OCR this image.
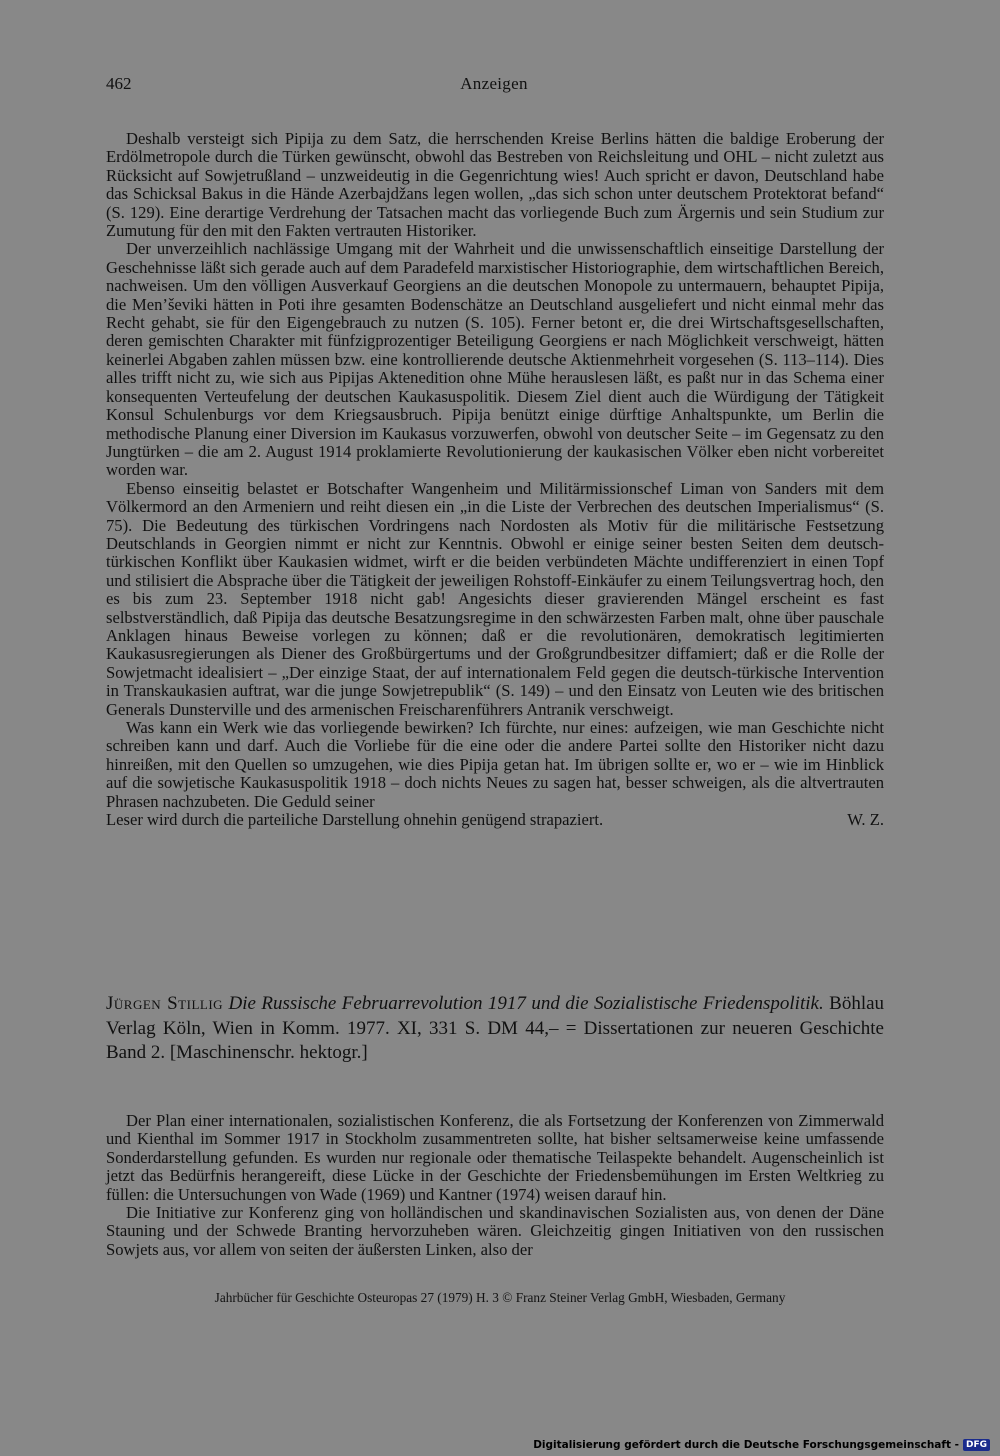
462	Anzeigen

Deshalb versteigt sich Pipija zu dem Satz, die herrschenden Kreise Berlins hätten die baldige Eroberung der Erdölmetropole durch die Türken gewünscht, obwohl das Bestreben von Reichsleitung und OHL – nicht zuletzt aus Rücksicht auf Sowjetrußland – unzweideutig in die Gegenrichtung wies! Auch spricht er davon, Deutschland habe das Schicksal Bakus in die Hände Azerbajdžans legen wollen, „das sich schon unter deutschem Protektorat befand“ (S. 129). Eine derartige Verdrehung der Tatsachen macht das vorliegende Buch zum Ärgernis und sein Studium zur Zumutung für den mit den Fakten vertrauten Historiker.

Der unverzeihlich nachlässige Umgang mit der Wahrheit und die unwissenschaftlich einseitige Darstellung der Geschehnisse läßt sich gerade auch auf dem Paradefeld marxistischer Historiographie, dem wirtschaftlichen Bereich, nachweisen. Um den völligen Ausverkauf Georgiens an die deutschen Monopole zu untermauern, behauptet Pipija, die Men’ševiki hätten in Poti ihre gesamten Bodenschätze an Deutschland ausgeliefert und nicht einmal mehr das Recht gehabt, sie für den Eigengebrauch zu nutzen (S. 105). Ferner betont er, die drei Wirtschaftsgesellschaften, deren gemischten Charakter mit fünfzigprozentiger Beteiligung Georgiens er nach Möglichkeit verschweigt, hätten keinerlei Abgaben zahlen müssen bzw. eine kontrollierende deutsche Aktienmehrheit vorgesehen (S. 113–114). Dies alles trifft nicht zu, wie sich aus Pipijas Aktenedition ohne Mühe herauslesen läßt, es paßt nur in das Schema einer konsequenten Verteufelung der deutschen Kaukasuspolitik. Diesem Ziel dient auch die Würdigung der Tätigkeit Konsul Schulenburgs vor dem Kriegsausbruch. Pipija benützt einige dürftige Anhaltspunkte, um Berlin die methodische Planung einer Diversion im Kaukasus vorzuwerfen, obwohl von deutscher Seite – im Gegensatz zu den Jungtürken – die am 2. August 1914 proklamierte Revolutionierung der kaukasischen Völker eben nicht vorbereitet worden war.

Ebenso einseitig belastet er Botschafter Wangenheim und Militärmissionschef Liman von Sanders mit dem Völkermord an den Armeniern und reiht diesen ein „in die Liste der Verbrechen des deutschen Imperialismus“ (S. 75). Die Bedeutung des türkischen Vordringens nach Nordosten als Motiv für die militärische Festsetzung Deutschlands in Georgien nimmt er nicht zur Kenntnis. Obwohl er einige seiner besten Seiten dem deutsch-türkischen Konflikt über Kaukasien widmet, wirft er die beiden verbündeten Mächte undifferenziert in einen Topf und stilisiert die Absprache über die Tätigkeit der jeweiligen Rohstoff-Einkäufer zu einem Teilungsvertrag hoch, den es bis zum 23. September 1918 nicht gab! Angesichts dieser gravierenden Mängel erscheint es fast selbstverständlich, daß Pipija das deutsche Besatzungsregime in den schwärzesten Farben malt, ohne über pauschale Anklagen hinaus Beweise vorlegen zu können; daß er die revolutionären, demokratisch legitimierten Kaukasusregierungen als Diener des Großbürgertums und der Großgrundbesitzer diffamiert; daß er die Rolle der Sowjetmacht idealisiert – „Der einzige Staat, der auf internationalem Feld gegen die deutsch-türkische Intervention in Transkaukasien auftrat, war die junge Sowjetrepublik“ (S. 149) – und den Einsatz von Leuten wie des britischen Generals Dunsterville und des armenischen Freischarenführers Antranik verschweigt.

Was kann ein Werk wie das vorliegende bewirken? Ich fürchte, nur eines: aufzeigen, wie man Geschichte nicht schreiben kann und darf. Auch die Vorliebe für die eine oder die andere Partei sollte den Historiker nicht dazu hinreißen, mit den Quellen so umzugehen, wie dies Pipija getan hat. Im übrigen sollte er, wo er – wie im Hinblick auf die sowjetische Kaukasuspolitik 1918 – doch nichts Neues zu sagen hat, besser schweigen, als die altvertrauten Phrasen nachzubeten. Die Geduld seiner

Leser wird durch die parteiliche Darstellung ohnehin genügend strapaziert.	W. Z.

Jürgen Stillig Die Russische Februarrevolution 1917 und die Sozialistische Friedenspolitik. Böhlau Verlag Köln, Wien in Komm. 1977. XI, 331 S. DM 44,– = Dissertationen zur neueren Geschichte Band 2. [Maschinenschr. hektogr.]

Der Plan einer internationalen, sozialistischen Konferenz, die als Fortsetzung der Konferenzen von Zimmerwald und Kienthal im Sommer 1917 in Stockholm zusammentreten sollte, hat bisher seltsamerweise keine umfassende Sonderdarstellung gefunden. Es wurden nur regionale oder thematische Teilaspekte behandelt. Augenscheinlich ist jetzt das Bedürfnis herangereift, diese Lücke in der Geschichte der Friedensbemühungen im Ersten Weltkrieg zu füllen: die Untersuchungen von Wade (1969) und Kantner (1974) weisen darauf hin.

Die Initiative zur Konferenz ging von holländischen und skandinavischen Sozialisten aus, von denen der Däne Stauning und der Schwede Branting hervorzuheben wären. Gleichzeitig gingen Initiativen von den russischen Sowjets aus, vor allem von seiten der äußersten Linken, also der

Jahrbücher für Geschichte Osteuropas 27 (1979) H. 3 © Franz Steiner Verlag GmbH, Wiesbaden, Germany
Digitalisierung gefördert durch die Deutsche Forschungsgemeinschaft - DFG
